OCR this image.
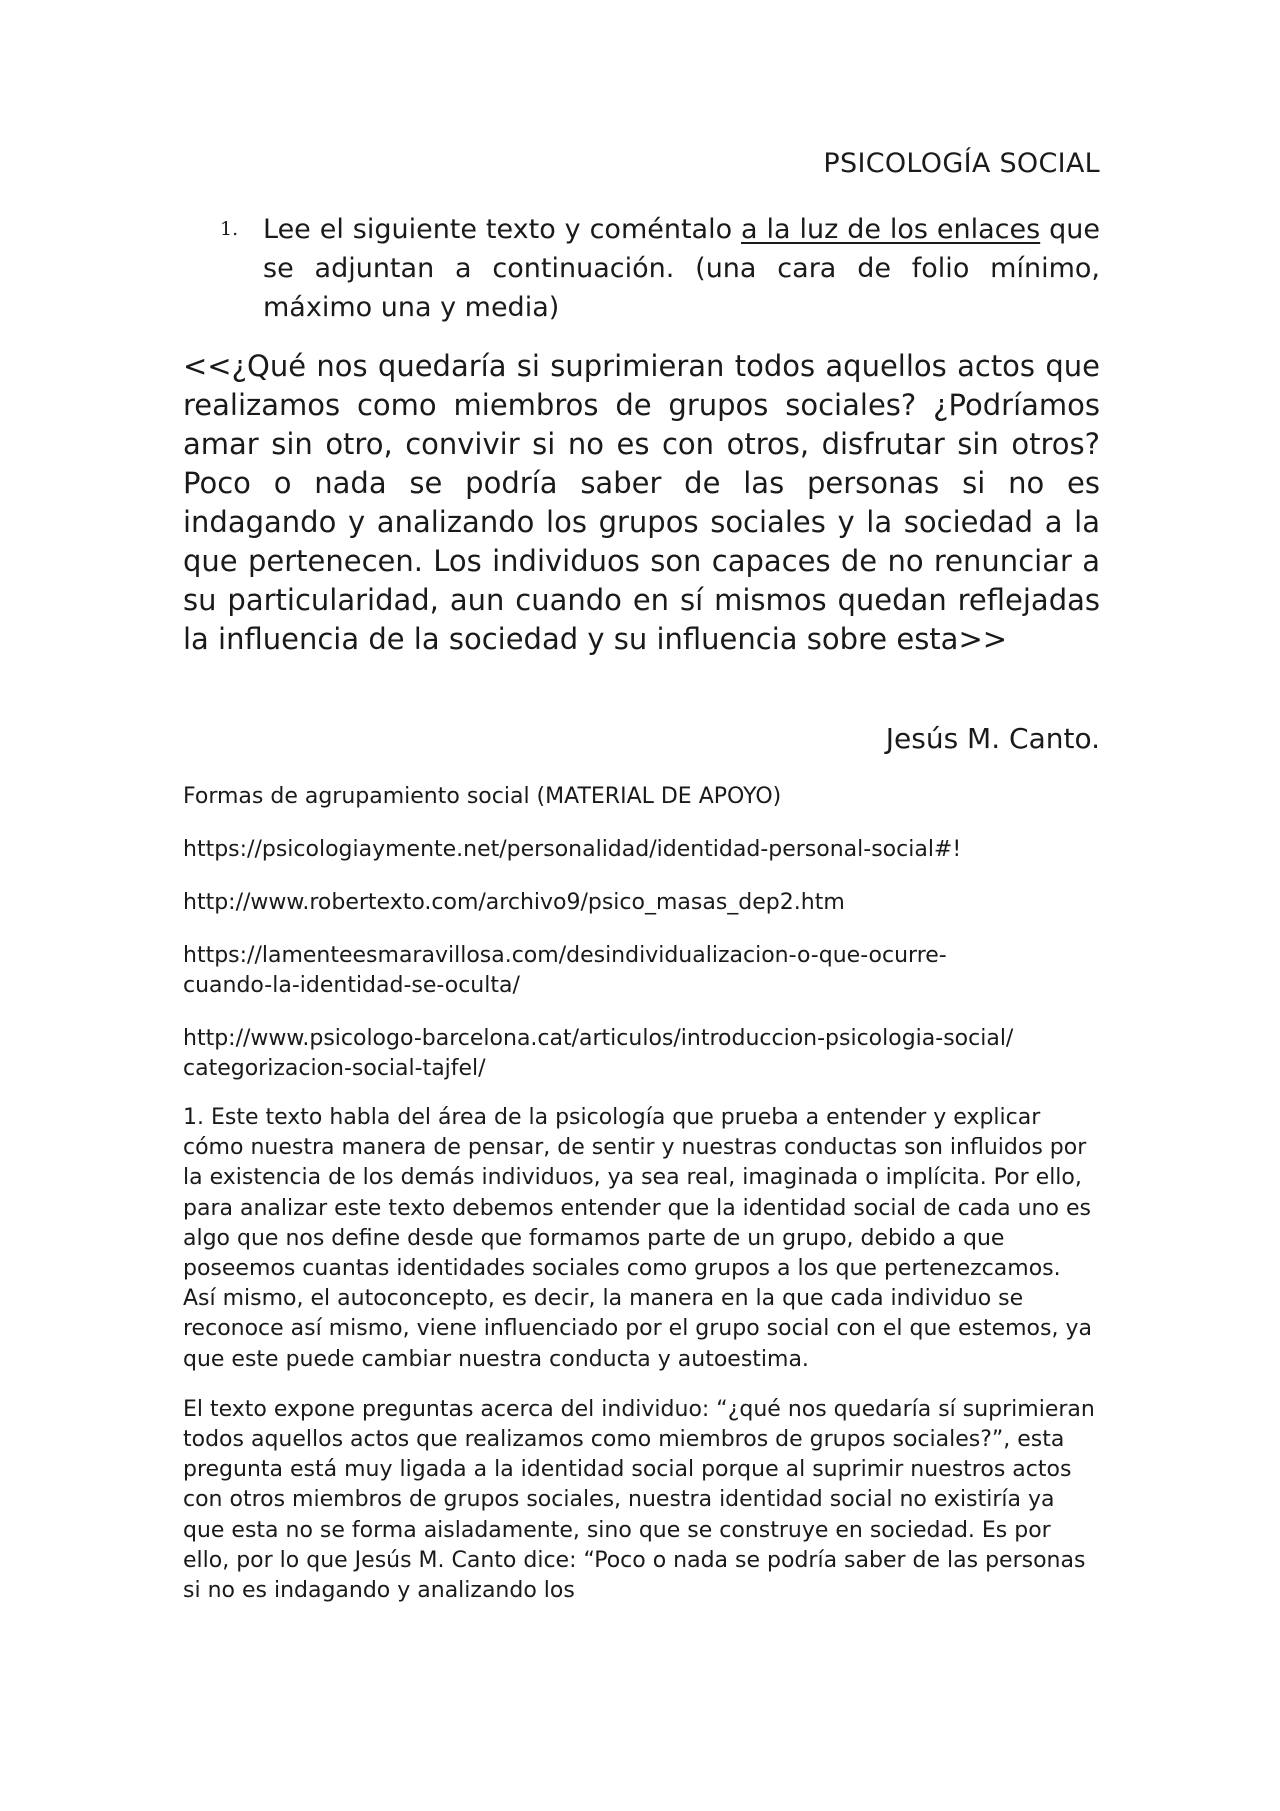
PSICOLOGÍA SOCIAL
1. Lee el siguiente texto y coméntalo a la luz de los enlaces que se adjuntan a continuación. (una cara de folio mínimo, máximo una y media)
<<¿Qué nos quedaría si suprimieran todos aquellos actos que realizamos como miembros de grupos sociales? ¿Podríamos amar sin otro, convivir si no es con otros, disfrutar sin otros? Poco o nada se podría saber de las personas si no es indagando y analizando los grupos sociales y la sociedad a la que pertenecen. Los individuos son capaces de no renunciar a su particularidad, aun cuando en sí mismos quedan reflejadas la influencia de la sociedad y su influencia sobre esta>>
Jesús M. Canto.

Formas de agrupamiento social (MATERIAL DE APOYO)

https://psicologiaymente.net/personalidad/identidad-personal-social#!

http://www.robertexto.com/archivo9/psico_masas_dep2.htm

https://lamenteesmaravillosa.com/desindividualizacion-o-que-ocurre-
cuando-la-identidad-se-oculta/

http://www.psicologo-barcelona.cat/articulos/introduccion-psicologia-social/
categorizacion-social-tajfel/

1. Este texto habla del área de la psicología que prueba a entender y explicar cómo nuestra manera de pensar, de sentir y nuestras conductas son influidos por la existencia de los demás individuos, ya sea real, imaginada o implícita. Por ello, para analizar este texto debemos entender que la identidad social de cada uno es algo que nos define desde que formamos parte de un grupo, debido a que poseemos cuantas identidades sociales como grupos a los que pertenezcamos. Así mismo, el autoconcepto, es decir, la manera en la que cada individuo se reconoce así mismo, viene influenciado por el grupo social con el que estemos, ya que este puede cambiar nuestra conducta y autoestima.

El texto expone preguntas acerca del individuo: “¿qué nos quedaría sí suprimieran todos aquellos actos que realizamos como miembros de grupos sociales?”, esta pregunta está muy ligada a la identidad social porque al suprimir nuestros actos con otros miembros de grupos sociales, nuestra identidad social no existiría ya que esta no se forma aisladamente, sino que se construye en sociedad. Es por ello, por lo que Jesús M. Canto dice: “Poco o nada se podría saber de las personas si no es indagando y analizando los
